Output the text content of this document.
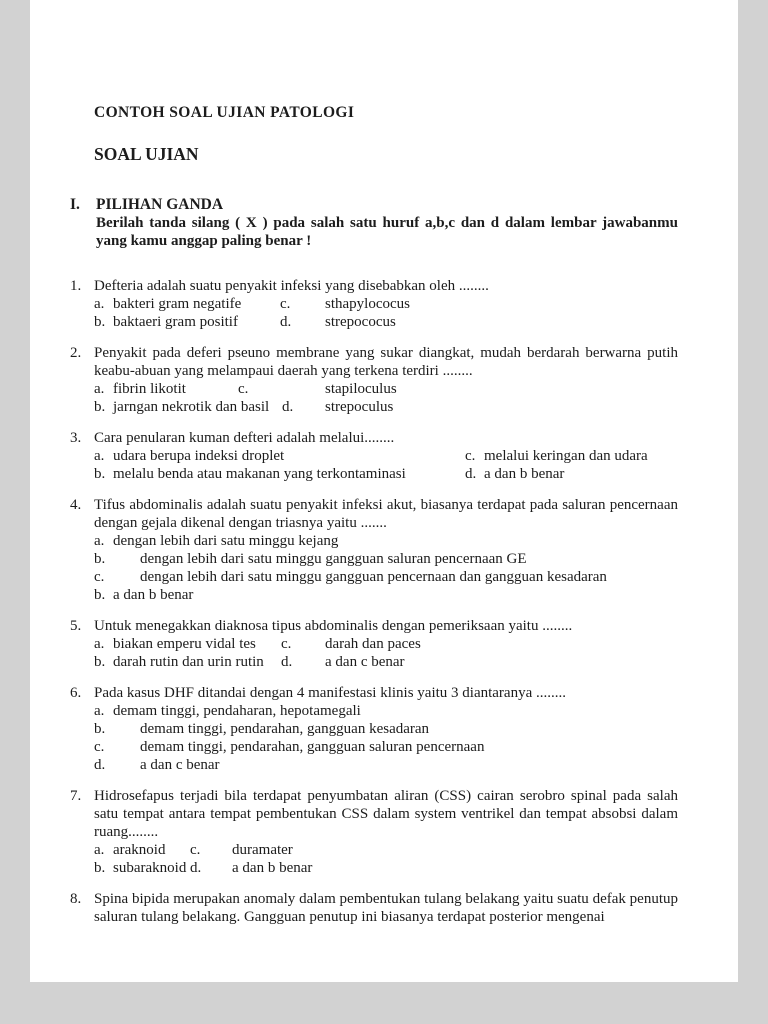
CONTOH SOAL UJIAN PATOLOGI
SOAL UJIAN
I.	PILIHAN GANDA

Berilah tanda silang ( X ) pada salah satu huruf a,b,c dan d dalam lembar jawabanmu yang kamu anggap paling benar !

1. Defteria adalah suatu penyakit infeksi yang disebabkan oleh ........
a. bakteri gram negatife	c. sthapylococus
b. baktaeri gram positif	d. strepococus
2. Penyakit pada deferi pseuno membrane yang sukar diangkat, mudah berdarah berwarna putih keabu-abuan yang melampaui daerah yang terkena terdiri ........
a. fibrin likotit	c.	stapiloculus
b. jarngan nekrotik dan basil d. strepoculus
3. Cara penularan kuman defteri adalah melalui........
a. udara berupa indeksi droplet	c. melalui keringan dan udara
b. melalu benda atau makanan yang terkontaminasi	d. a dan b benar
4. Tifus abdominalis adalah suatu penyakit infeksi akut, biasanya terdapat pada saluran pencernaan dengan gejala dikenal dengan triasnya yaitu .......
a. dengan lebih dari satu minggu kejang
b. dengan lebih dari satu minggu gangguan saluran pencernaan GE
c. dengan lebih dari satu minggu gangguan pencernaan dan gangguan kesadaran
b. a dan b benar
5. Untuk menegakkan diaknosa tipus abdominalis dengan pemeriksaan yaitu ........
a. biakan emperu vidal tes c. darah dan paces
b. darah rutin dan urin rutin d. a dan c benar
6. Pada kasus DHF ditandai dengan 4 manifestasi klinis yaitu 3 diantaranya ........
a. demam tinggi, pendaharan, hepotamegali
b. demam tinggi, pendarahan, gangguan kesadaran
c. demam tinggi, pendarahan, gangguan saluran pencernaan
d. a dan c benar
7. Hidrosefapus terjadi bila terdapat penyumbatan aliran (CSS) cairan serobro spinal pada salah satu tempat antara tempat pembentukan CSS dalam system ventrikel dan tempat absobsi dalam ruang........
a. araknoid c. duramater
b. subaraknoid d. a dan b benar
8. Spina bipida merupakan anomaly dalam pembentukan tulang belakang yaitu suatu defak penutup saluran tulang belakang. Gangguan penutup ini biasanya terdapat posterior mengenai
